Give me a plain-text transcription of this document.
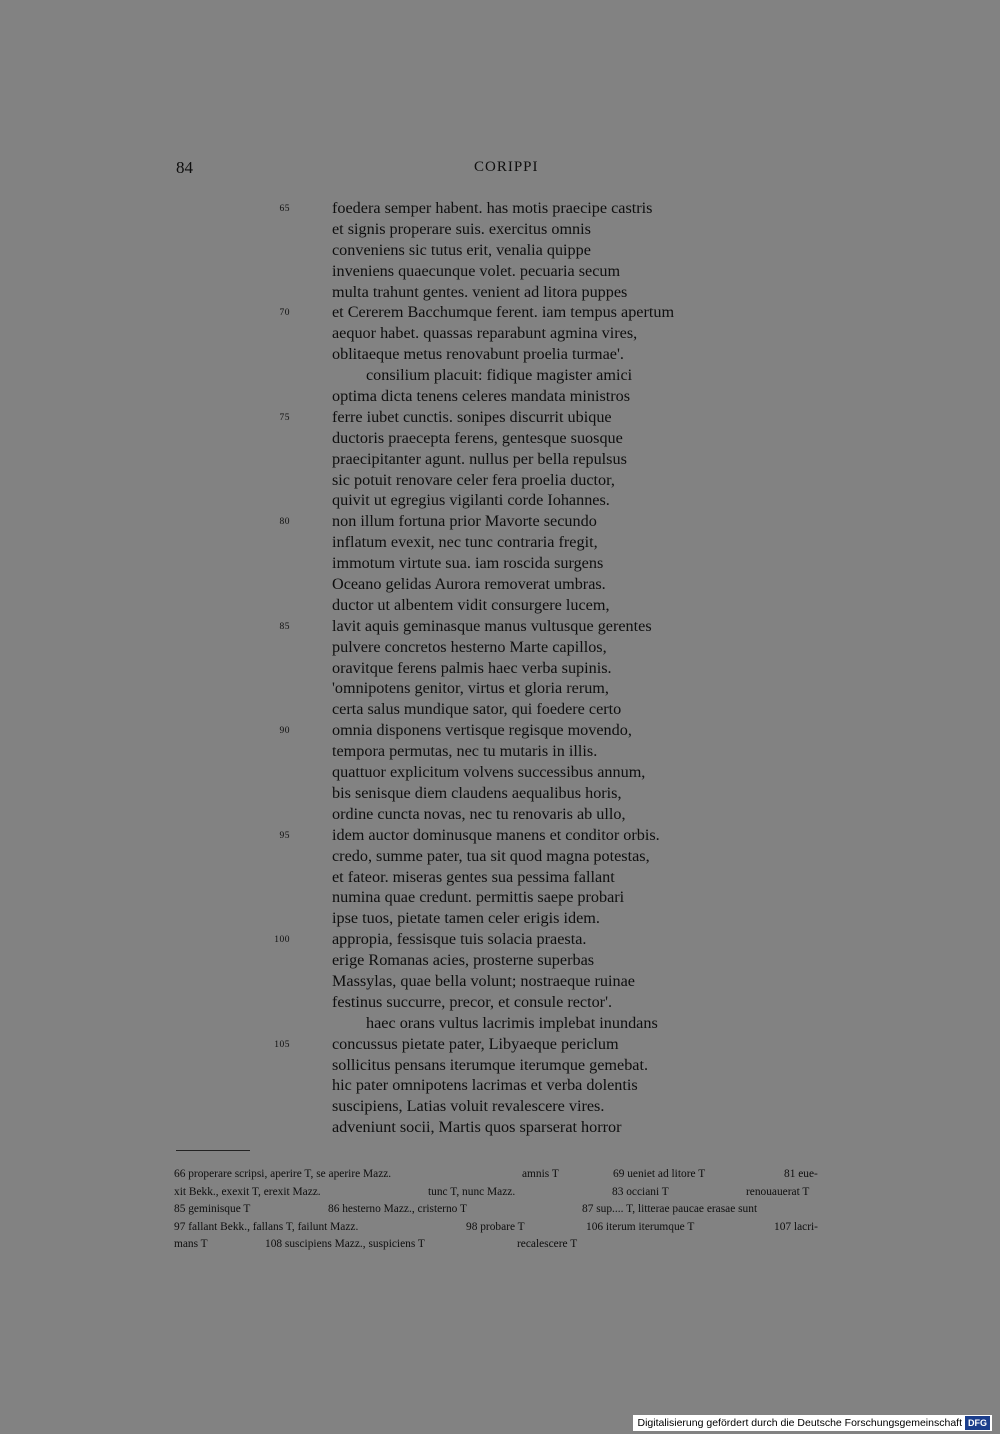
84	CORIPPI
65	foedera semper habent. has motis praecipe castris
et signis properare suis. exercitus omnis
conveniens sic tutus erit, venalia quippe
inveniens quaecunque volet. pecuaria secum
multa trahunt gentes. venient ad litora puppes
70	et Cererem Bacchumque ferent. iam tempus apertum
aequor habet. quassas reparabunt agmina vires,
oblitaeque metus renovabunt proelia turmae'.
consilium placuit: fidique magister amici
optima dicta tenens celeres mandata ministros
75	ferre iubet cunctis. sonipes discurrit ubique
ductoris praecepta ferens, gentesque suosque
praecipitanter agunt. nullus per bella repulsus
sic potuit renovare celer fera proelia ductor,
quivit ut egregius vigilanti corde Iohannes.
80	non illum fortuna prior Mavorte secundo
inflatum evexit, nec tunc contraria fregit,
immotum virtute sua. iam roscida surgens
Oceano gelidas Aurora removerat umbras.
ductor ut albentem vidit consurgere lucem,
85	lavit aquis geminasque manus vultusque gerentes
pulvere concretos hesterno Marte capillos,
oravitque ferens palmis haec verba supinis.
'omnipotens genitor, virtus et gloria rerum,
certa salus mundique sator, qui foedere certo
90	omnia disponens vertisque regisque movendo,
tempora permutas, nec tu mutaris in illis.
quattuor explicitum volvens successibus annum,
bis senisque diem claudens aequalibus horis,
ordine cuncta novas, nec tu renovaris ab ullo,
95	idem auctor dominusque manens et conditor orbis.
credo, summe pater, tua sit quod magna potestas,
et fateor. miseras gentes sua pessima fallant
numina quae credunt. permittis saepe probari
ipse tuos, pietate tamen celer erigis idem.
100	appropia, fessisque tuis solacia praesta.
erige Romanas acies, prosterne superbas
Massylas, quae bella volunt; nostraeque ruinae
festinus succurre, precor, et consule rector'.
haec orans vultus lacrimis implebat inundans
105	concussus pietate pater, Libyaeque periclum
sollicitus pensans iterumque iterumque gemebat.
hic pater omnipotens lacrimas et verba dolentis
suscipiens, Latias voluit revalescere vires.
adveniunt socii, Martis quos sparserat horror
66 properare scripsi, aperire T, se aperire Mazz.	amnis T	69 ueniet ad litore T	81 eue-
xit Bekk., exexit T, erexit Mazz.	tunc T, nunc Mazz.	83 occiani T	renouauerat T
85 geminisque T	86 hesterno Mazz., cristerno T	87 sup.... T, litterae paucae erasae sunt
97 fallant Bekk., fallans T, failunt Mazz.	98 probare T	106 iterum iterumque T	107 lacri-
mans T	108 suscipiens Mazz., suspiciens T	recalescere T
Digitalisierung gefördert durch die Deutsche Forschungsgemeinschaft DFG
